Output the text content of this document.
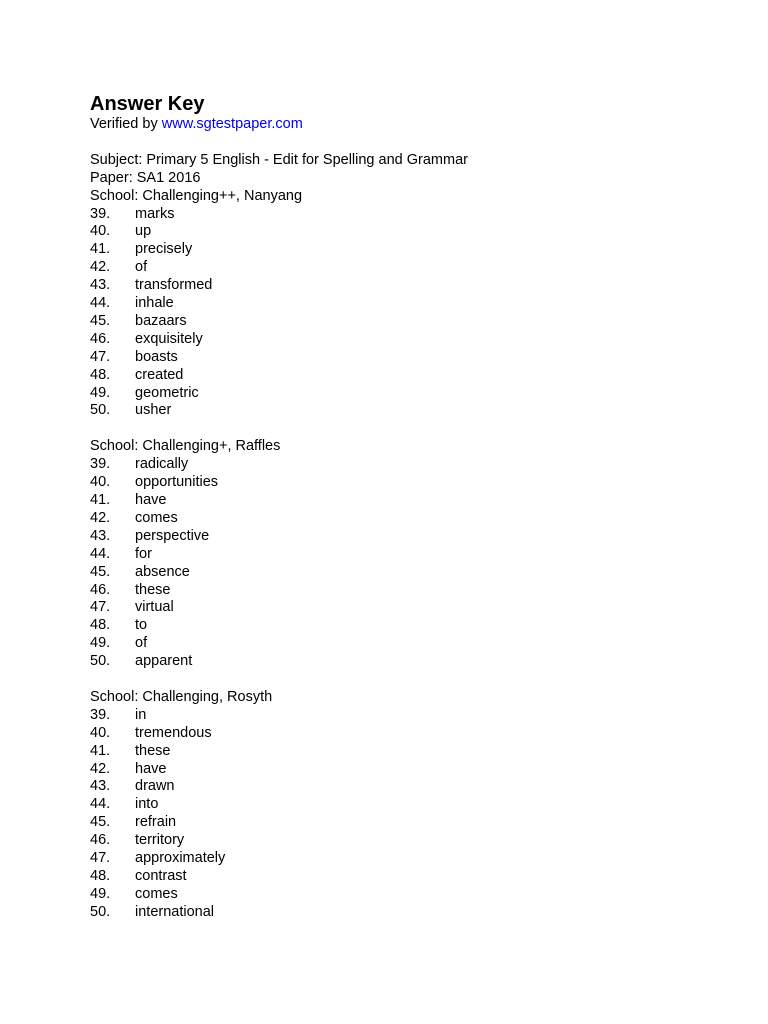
Answer Key
Verified by www.sgtestpaper.com
Subject: Primary 5 English - Edit for Spelling and Grammar
Paper: SA1 2016
School: Challenging++, Nanyang
39.	marks
40.	up
41.	precisely
42.	of
43.	transformed
44.	inhale
45.	bazaars
46.	exquisitely
47.	boasts
48.	created
49.	geometric
50.	usher
School: Challenging+, Raffles
39.	radically
40.	opportunities
41.	have
42.	comes
43.	perspective
44.	for
45.	absence
46.	these
47.	virtual
48.	to
49.	of
50.	apparent
School: Challenging, Rosyth
39.	in
40.	tremendous
41.	these
42.	have
43.	drawn
44.	into
45.	refrain
46.	territory
47.	approximately
48.	contrast
49.	comes
50.	international
